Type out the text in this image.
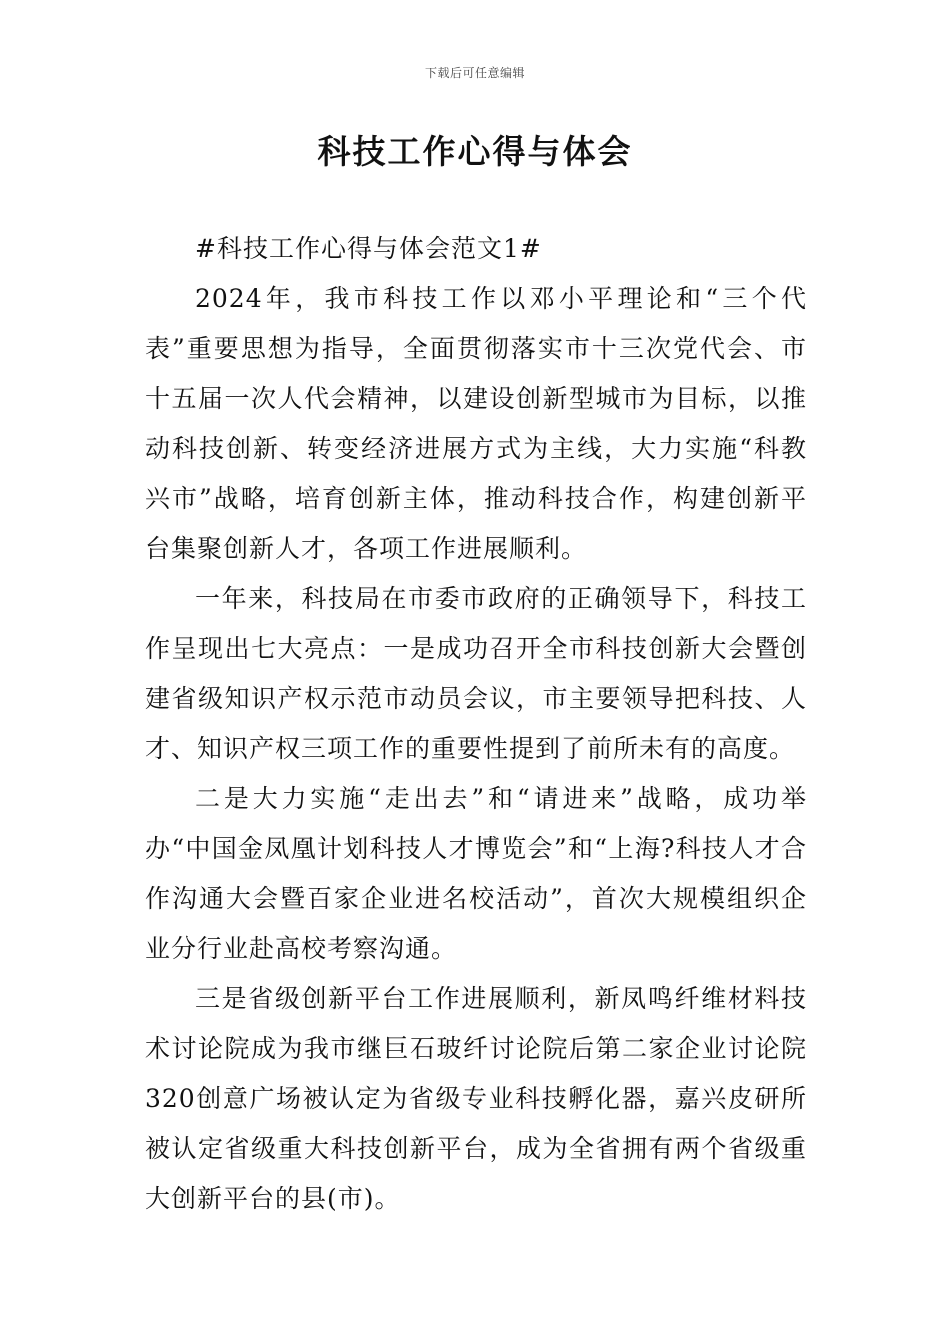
下载后可任意编辑
科技工作心得与体会

#科技工作心得与体会范文1#

2024年，我市科技工作以邓小平理论和“三个代表”重要思想为指导，全面贯彻落实市十三次党代会、市十五届一次人代会精神，以建设创新型城市为目标，以推动科技创新、转变经济进展方式为主线，大力实施“科教兴市”战略，培育创新主体，推动科技合作，构建创新平台集聚创新人才，各项工作进展顺利。

一年来，科技局在市委市政府的正确领导下，科技工作呈现出七大亮点：一是成功召开全市科技创新大会暨创建省级知识产权示范市动员会议，市主要领导把科技、人才、知识产权三项工作的重要性提到了前所未有的高度。

二是大力实施“走出去”和“请进来”战略，成功举办“中国金凤凰计划科技人才博览会”和“上海?科技人才合作沟通大会暨百家企业进名校活动”，首次大规模组织企业分行业赴高校考察沟通。

三是省级创新平台工作进展顺利，新凤鸣纤维材料技术讨论院成为我市继巨石玻纤讨论院后第二家企业讨论院320创意广场被认定为省级专业科技孵化器，嘉兴皮研所被认定省级重大科技创新平台，成为全省拥有两个省级重大创新平台的县(市)。
